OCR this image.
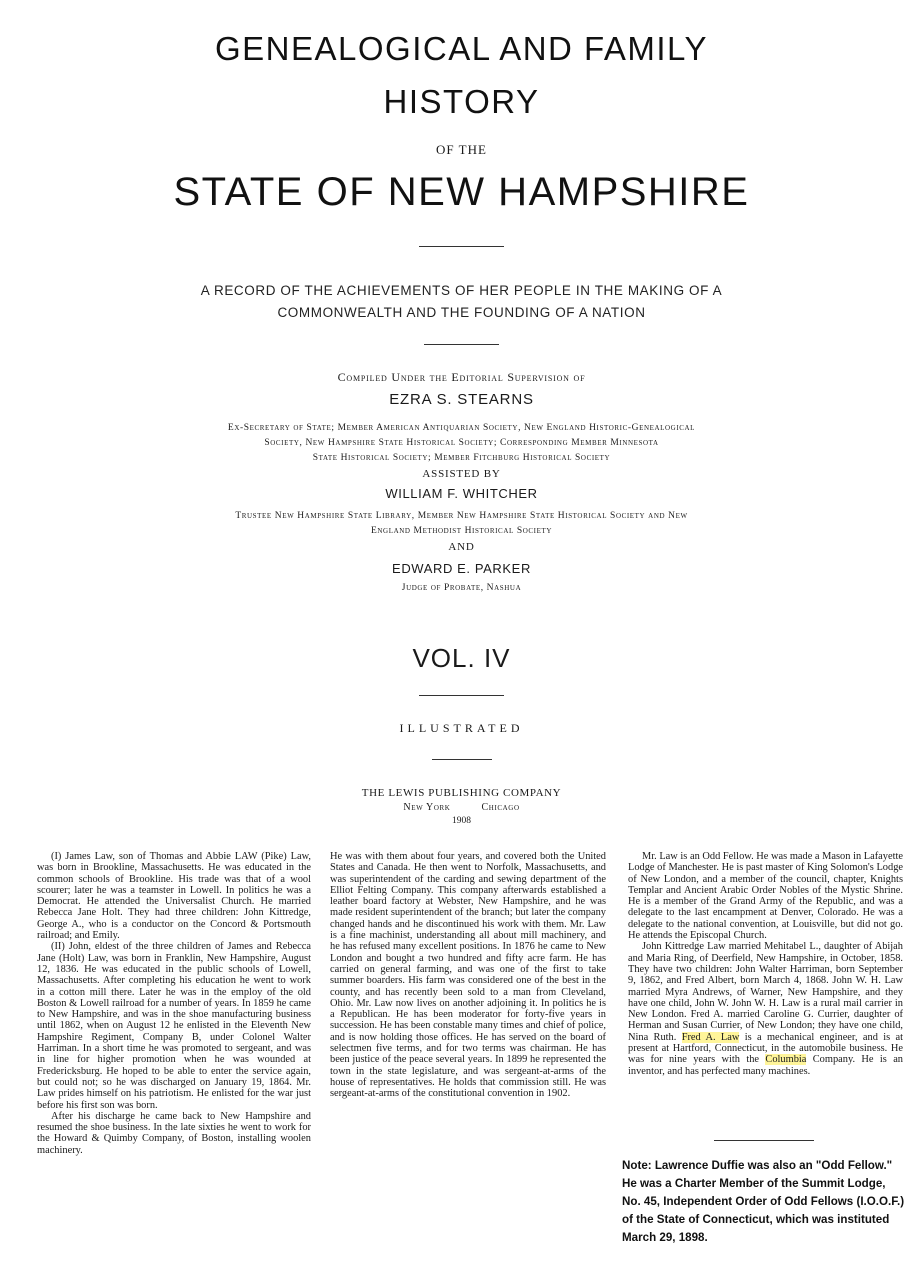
GENEALOGICAL AND FAMILY
HISTORY
OF THE
STATE OF NEW HAMPSHIRE
A RECORD OF THE ACHIEVEMENTS OF HER PEOPLE IN THE MAKING OF A
COMMONWEALTH AND THE FOUNDING OF A NATION
Compiled Under the Editorial Supervision of
EZRA S. STEARNS
Ex-Secretary of State; Member American Antiquarian Society, New England Historic-Genealogical
Society, New Hampshire State Historical Society; Corresponding Member Minnesota
State Historical Society; Member Fitchburg Historical Society
ASSISTED BY
WILLIAM F. WHITCHER
Trustee New Hampshire State Library, Member New Hampshire State Historical Society and New
England Methodist Historical Society
AND
EDWARD E. PARKER
Judge of Probate, Nashua
VOL. IV
ILLUSTRATED
THE LEWIS PUBLISHING COMPANY
New York	Chicago
1908

(I) James Law, son of Thomas and Abbie LAW (Pike) Law, was born in Brookline, Massachusetts. He was educated in the common schools of Brookline. His trade was that of a wool scourer; later he was a teamster in Lowell. In politics he was a Democrat. He attended the Universalist Church. He married Rebecca Jane Holt. They had three children: John Kittredge, George A., who is a conductor on the Concord & Portsmouth railroad; and Emily.

(II) John, eldest of the three children of James and Rebecca Jane (Holt) Law, was born in Franklin, New Hampshire, August 12, 1836. He was educated in the public schools of Lowell, Massachusetts. After completing his education he went to work in a cotton mill there. Later he was in the employ of the old Boston & Lowell railroad for a number of years. In 1859 he came to New Hampshire, and was in the shoe manufacturing business until 1862, when on August 12 he enlisted in the Eleventh New Hampshire Regiment, Company B, under Colonel Walter Harriman. In a short time he was promoted to sergeant, and was in line for higher promotion when he was wounded at Fredericksburg. He hoped to be able to enter the service again, but could not; so he was discharged on January 19, 1864. Mr. Law prides himself on his patriotism. He enlisted for the war just before his first son was born.

After his discharge he came back to New Hampshire and resumed the shoe business. In the late sixties he went to work for the Howard & Quimby Company, of Boston, installing woolen machinery.

He was with them about four years, and covered both the United States and Canada. He then went to Norfolk, Massachusetts, and was superintendent of the carding and sewing department of the Elliot Felting Company. This company afterwards established a leather board factory at Webster, New Hampshire, and he was made resident superintendent of the branch; but later the company changed hands and he discontinued his work with them. Mr. Law is a fine machinist, understanding all about mill machinery, and he has refused many excellent positions. In 1876 he came to New London and bought a two hundred and fifty acre farm. He has carried on general farming, and was one of the first to take summer boarders. His farm was considered one of the best in the county, and has recently been sold to a man from Cleveland, Ohio. Mr. Law now lives on another adjoining it. In politics he is a Republican. He has been moderator for forty-five years in succession. He has been constable many times and chief of police, and is now holding those offices. He has served on the board of selectmen five terms, and for two terms was chairman. He has been justice of the peace several years. In 1899 he represented the town in the state legislature, and was sergeant-at-arms of the house of representatives. He holds that commission still. He was sergeant-at-arms of the constitutional convention in 1902.

Mr. Law is an Odd Fellow. He was made a Mason in Lafayette Lodge of Manchester. He is past master of King Solomon's Lodge of New London, and a member of the council, chapter, Knights Templar and Ancient Arabic Order Nobles of the Mystic Shrine. He is a member of the Grand Army of the Republic, and was a delegate to the last encampment at Denver, Colorado. He was a delegate to the national convention, at Louisville, but did not go. He attends the Episcopal Church.

John Kittredge Law married Mehitabel L., daughter of Abijah and Maria Ring, of Deerfield, New Hampshire, in October, 1858. They have two children: John Walter Harriman, born September 9, 1862, and Fred Albert, born March 4, 1868. John W. H. Law married Myra Andrews, of Warner, New Hampshire, and they have one child, John W. John W. H. Law is a rural mail carrier in New London. Fred A. married Caroline G. Currier, daughter of Herman and Susan Currier, of New London; they have one child, Nina Ruth. Fred A. Law is a mechanical engineer, and is at present at Hartford, Connecticut, in the automobile business. He was for nine years with the Columbia Company. He is an inventor, and has perfected many machines.

Note: Lawrence Duffie was also an "Odd Fellow." He was a Charter Member of the Summit Lodge, No. 45, Independent Order of Odd Fellows (I.O.O.F.) of the State of Connecticut, which was instituted March 29, 1898.
